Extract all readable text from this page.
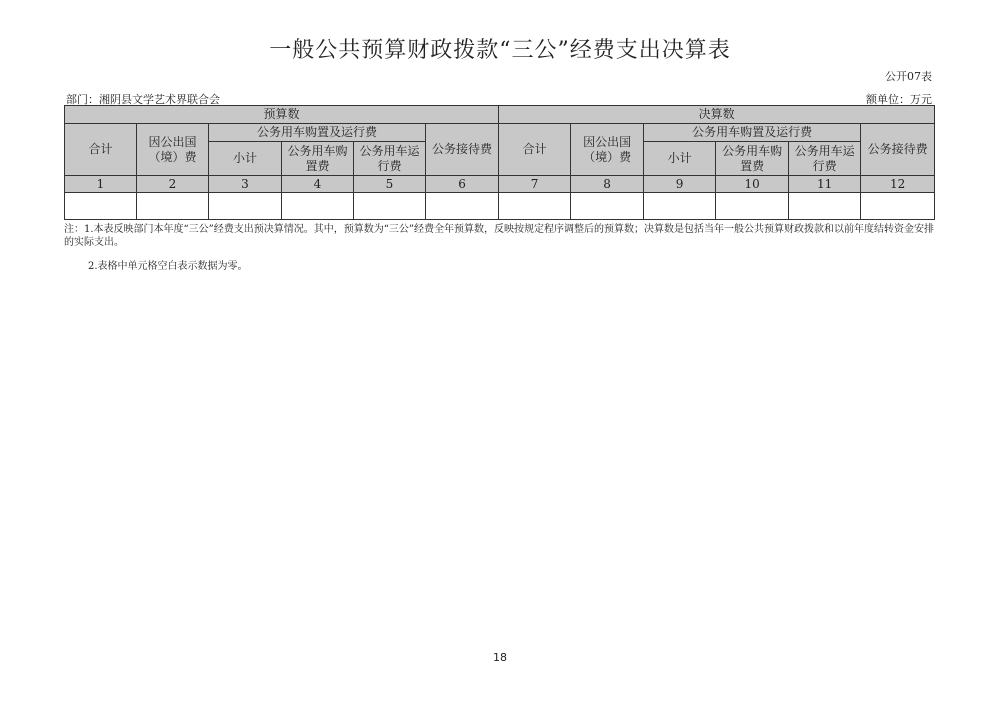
一般公共预算财政拨款“三公”经费支出决算表
公开07表
部门：湘阴县文学艺术界联合会	额单位：万元
预算数						决算数					
合计	因公出国（境）费	公务用车购置及运行费			公务接待费	合计	因公出国（境）费	公务用车购置及运行费			公务接待费
		小计	公务用车购置费	公务用车运行费				小计	公务用车购置费	公务用车运行费	
1	2	3	4	5	6	7	8	9	10	11	12

注：1.本表反映部门本年度“三公”经费支出预决算情况。其中，预算数为“三公”经费全年预算数，反映按规定程序调整后的预算数；决算数是包括当年一般公共预算财政拨款和以前年度结转资金安排的实际支出。
2.表格中单元格空白表示数据为零。
18
